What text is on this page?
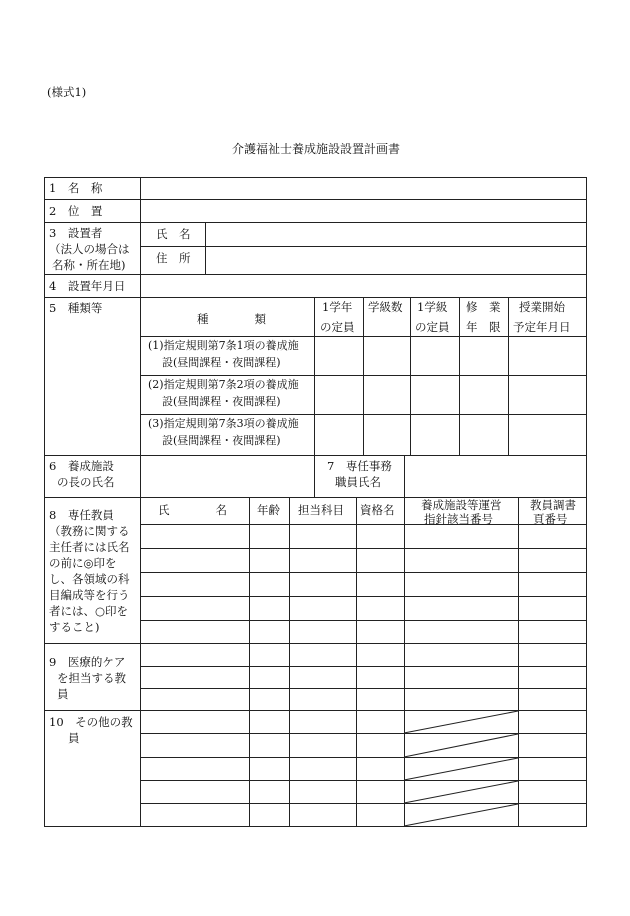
(様式1)
介護福祉士養成施設設置計画書
1　名　称
2　位　置
3　設置者
（法人の場合は
名称・所在地)
氏　名
住　所
4　設置年月日
5　種類等
種　　　　類
1学年
の定員
学級数 1学級
の定員
修　業
年　限
授業開始
予定年月日
(1)指定規則第7条1項の養成施
設(昼間課程・夜間課程)
(2)指定規則第7条2項の養成施
設(昼間課程・夜間課程)
(3)指定規則第7条3項の養成施
設(昼間課程・夜間課程)
6　養成施設
の長の氏名
7　専任事務
職員氏名
8　専任教員
（教務に関する
主任者には氏名
の前に◎印を
し、各領域の科
目編成等を行う
者には、○印を
すること)
氏　　　　名	年齢 担当科目 資格名 養成施設等運営
指針該当番号
教員調書
頁番号
9　医療的ケア
を担当する教
員
10　その他の教
員
